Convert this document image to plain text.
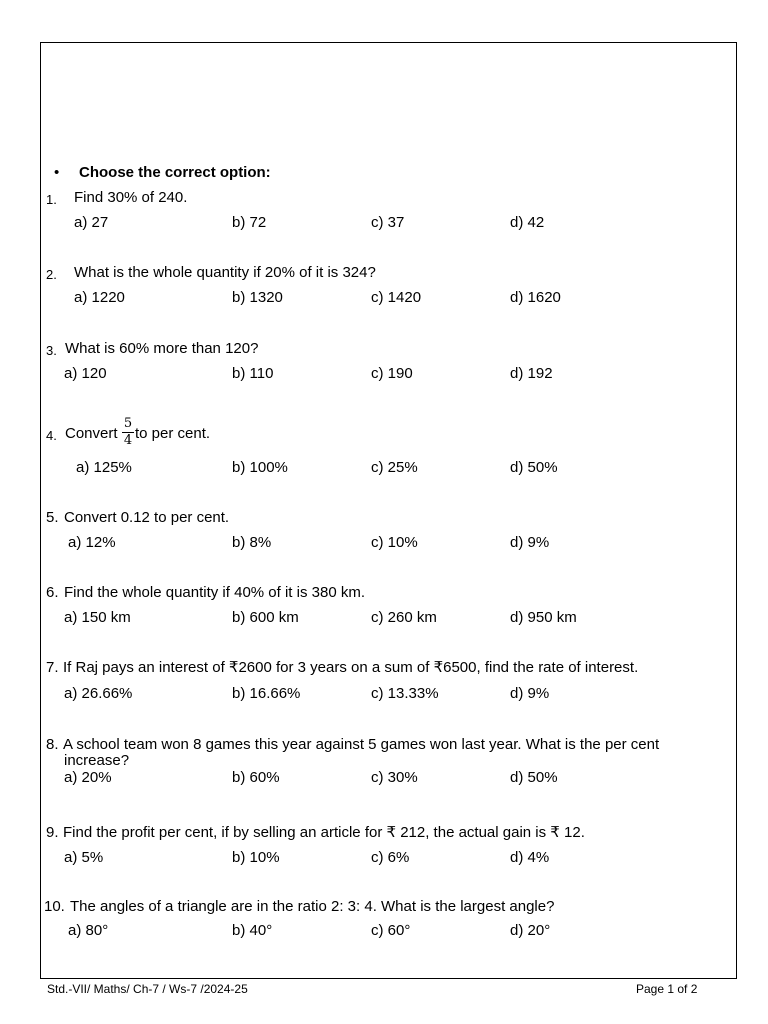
• Choose the correct option:
1. Find 30% of 240.
a) 27	b) 72	c) 37	d) 42
2. What is the whole quantity if 20% of it is 324?
a) 1220	b) 1320	c) 1420	d) 1620
3. What is 60% more than 120?
a) 120	b) 110	c) 190	d) 192
4. Convert
5
4 to per cent.
a) 125%	b) 100%	c) 25%	d) 50%
5. Convert 0.12 to per cent.
a) 12%	b) 8%	c) 10%	d) 9%
6. Find the whole quantity if 40% of it is 380 km.
a) 150 km	b) 600 km	c) 260 km	d) 950 km
7. If Raj pays an interest of ₹2600 for 3 years on a sum of ₹6500, find the rate of interest.
a) 26.66%	b) 16.66%	c) 13.33%	d) 9%
8. A school team won 8 games this year against 5 games won last year. What is the per cent
increase?
a) 20%	b) 60%	c) 30%	d) 50%
9. Find the profit per cent, if by selling an article for ₹ 212, the actual gain is ₹ 12.
a) 5%	b) 10%	c) 6%	d) 4%
10. The angles of a triangle are in the ratio 2: 3: 4. What is the largest angle?
a) 80°	b) 40°	c) 60°	d) 20°
Std.-VII/ Maths/ Ch-7 / Ws-7 /2024-25	Page 1 of 2
